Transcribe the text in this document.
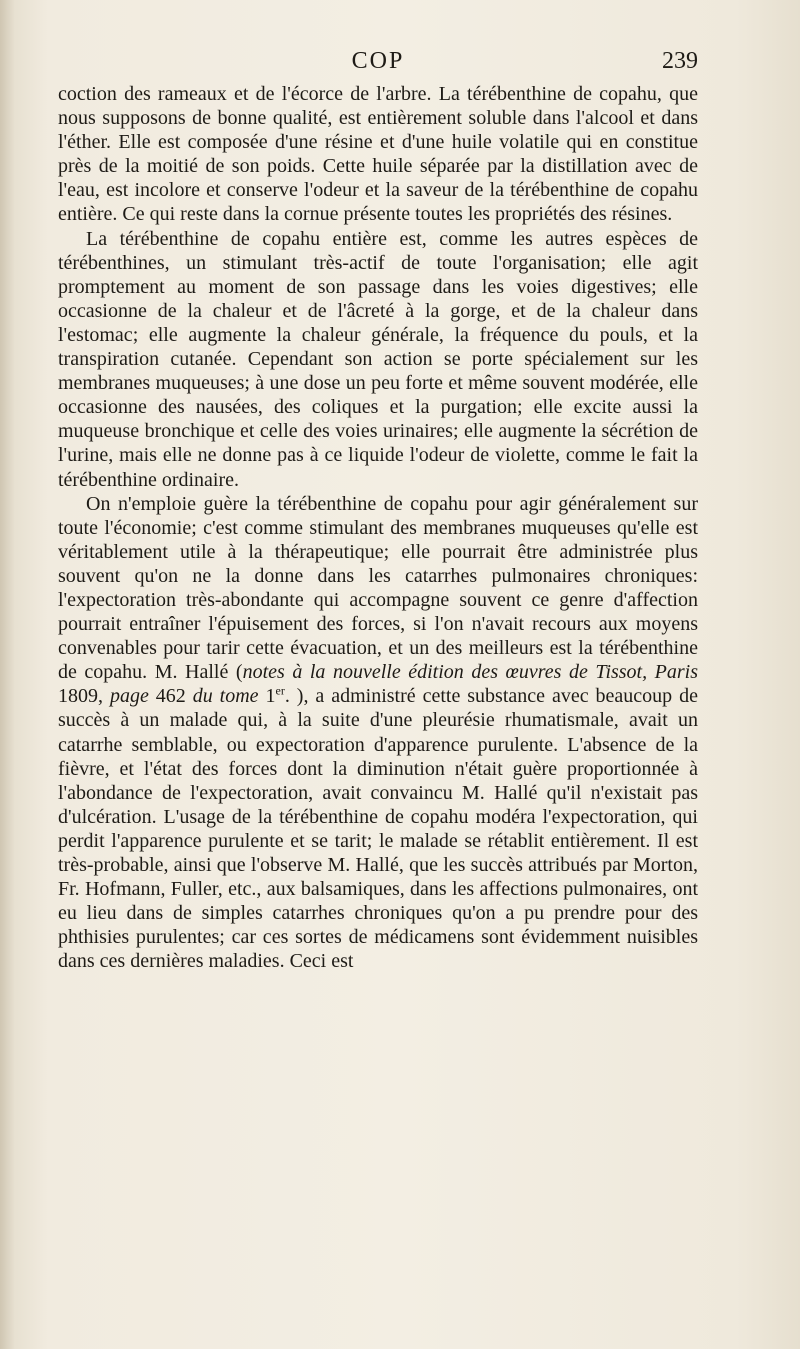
COP	239

coction des rameaux et de l'écorce de l'arbre. La térébenthine de copahu, que nous supposons de bonne qualité, est entièrement soluble dans l'alcool et dans l'éther. Elle est composée d'une résine et d'une huile volatile qui en constitue près de la moitié de son poids. Cette huile séparée par la distillation avec de l'eau, est incolore et conserve l'odeur et la saveur de la térébenthine de copahu entière. Ce qui reste dans la cornue présente toutes les propriétés des résines.

La térébenthine de copahu entière est, comme les autres espèces de térébenthines, un stimulant très-actif de toute l'organisation; elle agit promptement au moment de son passage dans les voies digestives; elle occasionne de la chaleur et de l'âcreté à la gorge, et de la chaleur dans l'estomac; elle augmente la chaleur générale, la fréquence du pouls, et la transpiration cutanée. Cependant son action se porte spécialement sur les membranes muqueuses; à une dose un peu forte et même souvent modérée, elle occasionne des nausées, des coliques et la purgation; elle excite aussi la muqueuse bronchique et celle des voies urinaires; elle augmente la sécrétion de l'urine, mais elle ne donne pas à ce liquide l'odeur de violette, comme le fait la térébenthine ordinaire.

On n'emploie guère la térébenthine de copahu pour agir généralement sur toute l'économie; c'est comme stimulant des membranes muqueuses qu'elle est véritablement utile à la thérapeutique; elle pourrait être administrée plus souvent qu'on ne la donne dans les catarrhes pulmonaires chroniques: l'expectoration très-abondante qui accompagne souvent ce genre d'affection pourrait entraîner l'épuisement des forces, si l'on n'avait recours aux moyens convenables pour tarir cette évacuation, et un des meilleurs est la térébenthine de copahu. M. Hallé (notes à la nouvelle édition des œuvres de Tissot, Paris 1809, page 462 du tome 1er. ), a administré cette substance avec beaucoup de succès à un malade qui, à la suite d'une pleurésie rhumatismale, avait un catarrhe semblable, ou expectoration d'apparence purulente. L'absence de la fièvre, et l'état des forces dont la diminution n'était guère proportionnée à l'abondance de l'expectoration, avait convaincu M. Hallé qu'il n'existait pas d'ulcération. L'usage de la térébenthine de copahu modéra l'expectoration, qui perdit l'apparence purulente et se tarit; le malade se rétablit entièrement. Il est très-probable, ainsi que l'observe M. Hallé, que les succès attribués par Morton, Fr. Hofmann, Fuller, etc., aux balsamiques, dans les affections pulmonaires, ont eu lieu dans de simples catarrhes chroniques qu'on a pu prendre pour des phthisies purulentes; car ces sortes de médicamens sont évidemment nuisibles dans ces dernières maladies. Ceci est
